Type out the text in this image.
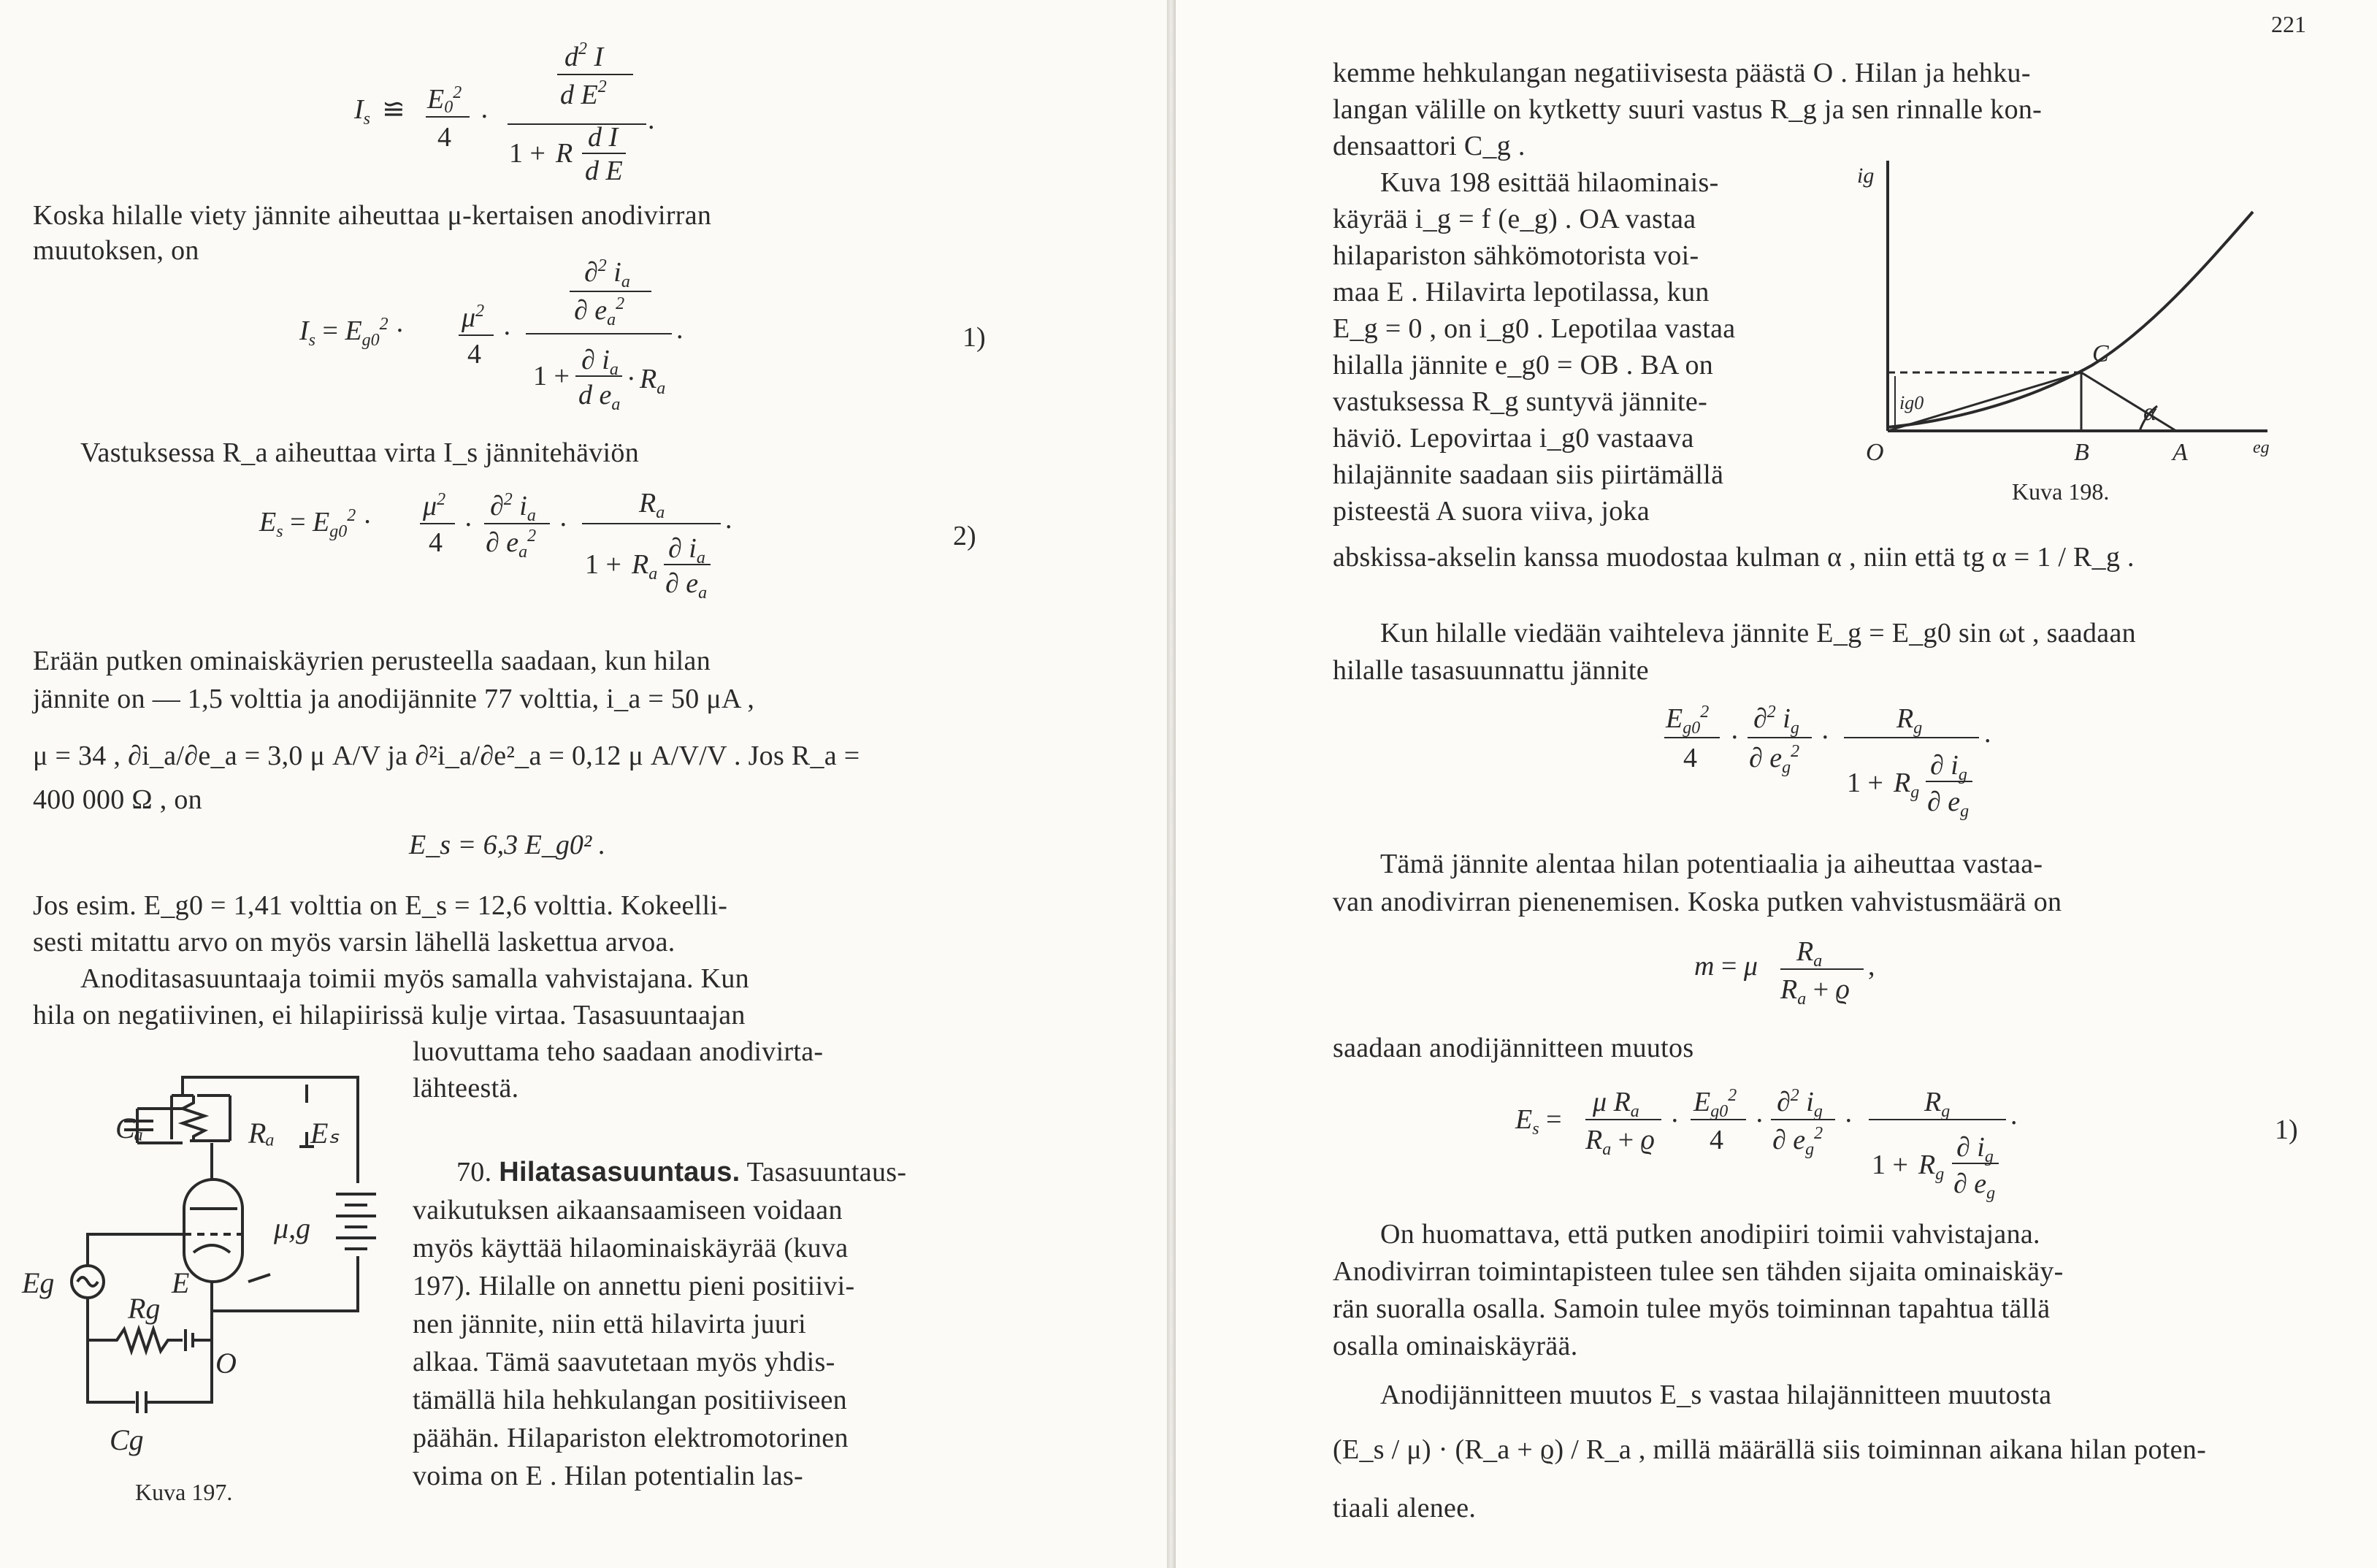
$I_s$ ≌ $E0^2$
4
·
$d^2$ I
d $E^2$
1 + R
d I
d E
.
Koska hilalle viety jännite aiheuttaa μ-kertaisen anodivirran
muutoksen, on
$I_s = E_{g0}^2 \cdot \mu^2$
4
·
∂$^2$ $i_a$
∂ $e_a^2$
1 +
∂ $i_a$
d $e_a$
· $R_a$
.	1)
Vastuksessa R_a aiheuttaa virta I_s jännitehäviön
$E_s = E_{g0}^2$ ·
$\mu^2$
4
·
∂$^2$ $i_a$
∂ $e_a^2$ ·
$R_a$
$1 + R_a$
∂ $i_a$
∂ $e_a$
.
2)
Erään putken ominaiskäyrien perusteella saadaan, kun hilan
jännite on — 1,5 volttia ja anodijännite 77 volttia, i_a = 50 μA ,
μ = 34 , ∂i_a/∂e_a = 3,0 μ A/V ja ∂²i_a/∂e²_a = 0,12 μ A/V/V . Jos R_a =
400 000 Ω , on
E_s = 6,3 E_g0² .
Jos esim. E_g0 = 1,41 volttia on E_s = 12,6 volttia. Kokeelli-
sesti mitattu arvo on myös varsin lähellä laskettua arvoa.
Anoditasasuuntaaja toimii myös samalla vahvistajana. Kun
hila on negatiivinen, ei hilapiirissä kulje virtaa. Tasasuuntaajan
luovuttama teho saadaan anodivirta-
lähteestä.
70. Hilatasasuuntaus. Tasasuuntaus-
vaikutuksen aikaansaamiseen voidaan
myös käyttää hilaominaiskäyrää (kuva
197). Hilalle on annettu pieni positiivi-
nen jännite, niin että hilavirta juuri
alkaa. Tämä saavutetaan myös yhdis-
tämällä hila hehkulangan positiiviseen
päähän. Hilapariston elektromotorinen
voima on E . Hilan potentialin las-
Cₐ	Rₐ Eₛ
μ,g
Eg
Rg
E
O
Cg
Kuva 197.
221
kemme hehkulangan negatiivisesta päästä O . Hilan ja hehku-
langan välille on kytketty suuri vastus R_g ja sen rinnalle kon-
densaattori C_g .
Kuva 198 esittää hilaominais-
käyrää i_g = f (e_g) . OA vastaa
hilapariston sähkömotorista voi-
maa E . Hilavirta lepotilassa, kun
E_g = 0 , on i_g0 . Lepotilaa vastaa
hilalla jännite e_g0 = OB . BA on
vastuksessa R_g suntyvä jännite-
häviö. Lepovirtaa i_g0 vastaava
hilajännite saadaan siis piirtämällä
pisteestä A suora viiva, joka
ig
ig0
C
α
O	B	A	eg
Kuva 198.
abskissa-akselin kanssa muodostaa kulman α , niin että tg α = 1 / R_g .
Kun hilalle viedään vaihteleva jännite E_g = E_g0 sin ωt , saadaan
hilalle tasasuunnattu jännite
$E_{g0}^2$
4
·
∂$^2$ $i_g$
∂ $e_g^2$ ·
$R_g$
$1 + R_g$
∂ $i_g$
∂ $e_g$
.
Tämä jännite alentaa hilan potentiaalia ja aiheuttaa vastaa-
van anodivirran pienenemisen. Koska putken vahvistusmäärä on
m = μ $R_a$
$R_a + ϱ$
,
saadaan anodijännitteen muutos
$E_s$ =
μ $R_a$
$R_a + ϱ$
·
$E_{g0}^2$
4
·
∂$^2$ $i_g$
∂ $e_g^2$ ·
$R_g$
$1 + R_g$
∂ $i_g$
∂ $e_g$
.	1)
On huomattava, että putken anodipiiri toimii vahvistajana.
Anodivirran toimintapisteen tulee sen tähden sijaita ominaiskäy-
rän suoralla osalla. Samoin tulee myös toiminnan tapahtua tällä
osalla ominaiskäyrää.
Anodijännitteen muutos E_s vastaa hilajännitteen muutosta
(E_s / μ) · (R_a + ϱ) / R_a , millä määrällä siis toiminnan aikana hilan poten-
tiaali alenee.
